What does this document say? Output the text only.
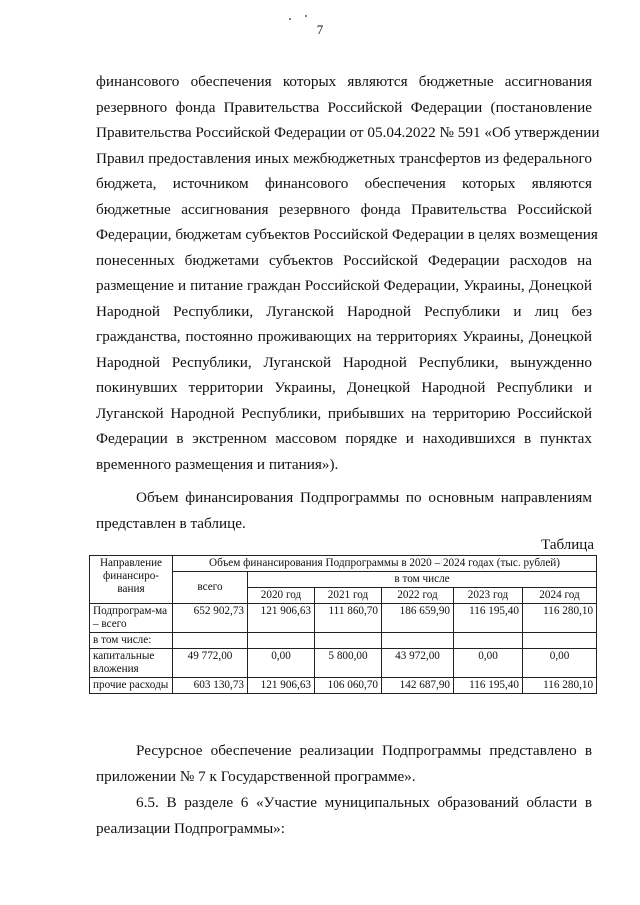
7
финансового обеспечения которых являются бюджетные ассигнования
резервного фонда Правительства Российской Федерации (постановление
Правительства Российской Федерации от 05.04.2022 № 591 «Об утверждении
Правил предоставления иных межбюджетных трансфертов из федерального
бюджета, источником финансового обеспечения которых являются
бюджетные ассигнования резервного фонда Правительства Российской
Федерации, бюджетам субъектов Российской Федерации в целях возмещения
понесенных бюджетами субъектов Российской Федерации расходов на
размещение и питание граждан Российской Федерации, Украины, Донецкой
Народной Республики, Луганской Народной Республики и лиц без
гражданства, постоянно проживающих на территориях Украины, Донецкой
Народной Республики, Луганской Народной Республики, вынужденно
покинувших территории Украины, Донецкой Народной Республики и
Луганской Народной Республики, прибывших на территорию Российской
Федерации в экстренном массовом порядке и находившихся в пунктах
временного размещения и питания»).
Объем финансирования Подпрограммы по основным направлениям
представлен в таблице.
Таблица
Направление финансиро-вания	Объем финансирования Подпрограммы в 2020 – 2024 годах (тыс. рублей)					
	всего	в том числе				
		2020 год	2021 год	2022 год	2023 год	2024 год
Подпрограм-ма – всего	652 902,73	121 906,63	111 860,70	186 659,90	116 195,40	116 280,10
в том числе:						
капитальные вложения	49 772,00	0,00	5 800,00	43 972,00	0,00	0,00
прочие расходы	603 130,73	121 906,63	106 060,70	142 687,90	116 195,40	116 280,10
Ресурсное обеспечение реализации Подпрограммы представлено в
приложении № 7 к Государственной программе».
6.5. В разделе 6 «Участие муниципальных образований области в
реализации Подпрограммы»:
